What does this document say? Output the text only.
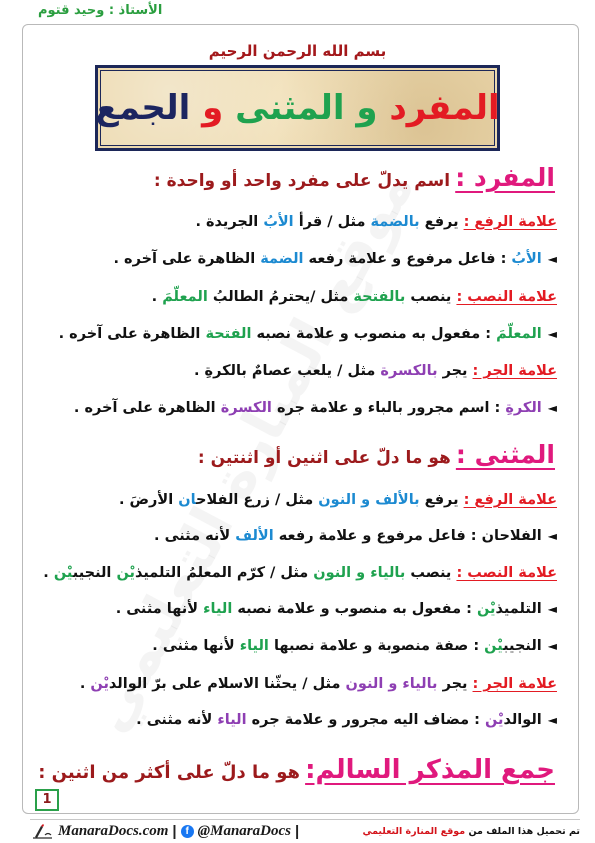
الأستاذ : وحيد قتوم
بسم الله الرحمن الرحيم
المفرد و المثنى و الجمع
المفرد : اسم يدلّ على مفرد واحد أو واحدة :
علامة الرفع : يرفع بالضمة مثل / قرأ الأبُ الجريدة .
◄ الأبُ : فاعل مرفوع و علامة رفعه الضمة الظاهرة على آخره .
علامة النصب : ينصب بالفتحة مثل /يحترمُ الطالبُ المعلّمَ .
◄ المعلّمَ : مفعول به منصوب و علامة نصبه الفتحة الظاهرة على آخره .
علامة الجر : يجر بالكسرة مثل / يلعب عصامٌ بالكرةِ .
◄ الكرةِ : اسم مجرور بالباء و علامة جره الكسرة الظاهرة على آخره .
المثنى : هو ما دلّ على اثنين أو اثنتين :
علامة الرفع : يرفع بالألف و النون مثل / زرع الفلاحان الأرضَ .
◄ الفلاحان : فاعل مرفوع و علامة رفعه الألف لأنه مثنى .
علامة النصب : ينصب بالياء و النون مثل / كرّم المعلمُ التلميذيْن النجيبيْن .
◄ التلميذيْن : مفعول به منصوب و علامة نصبه الياء لأنها مثنى .
◄ النجيبيْن : صفة منصوبة و علامة نصبها الياء لأنها مثنى .
علامة الجر : يجر بالياء و النون مثل / يحثّنا الاسلام على برّ الوالديْن .
◄ الوالديْن : مضاف اليه مجرور و علامة جره الياء لأنه مثنى .
جمع المذكر السالم: هو ما دلّ على أكثر من اثنين :
1
ManaraDocs.com |
f @ManaraDocs |	تم تحميل هذا الملف من موقع المنارة التعليمي
